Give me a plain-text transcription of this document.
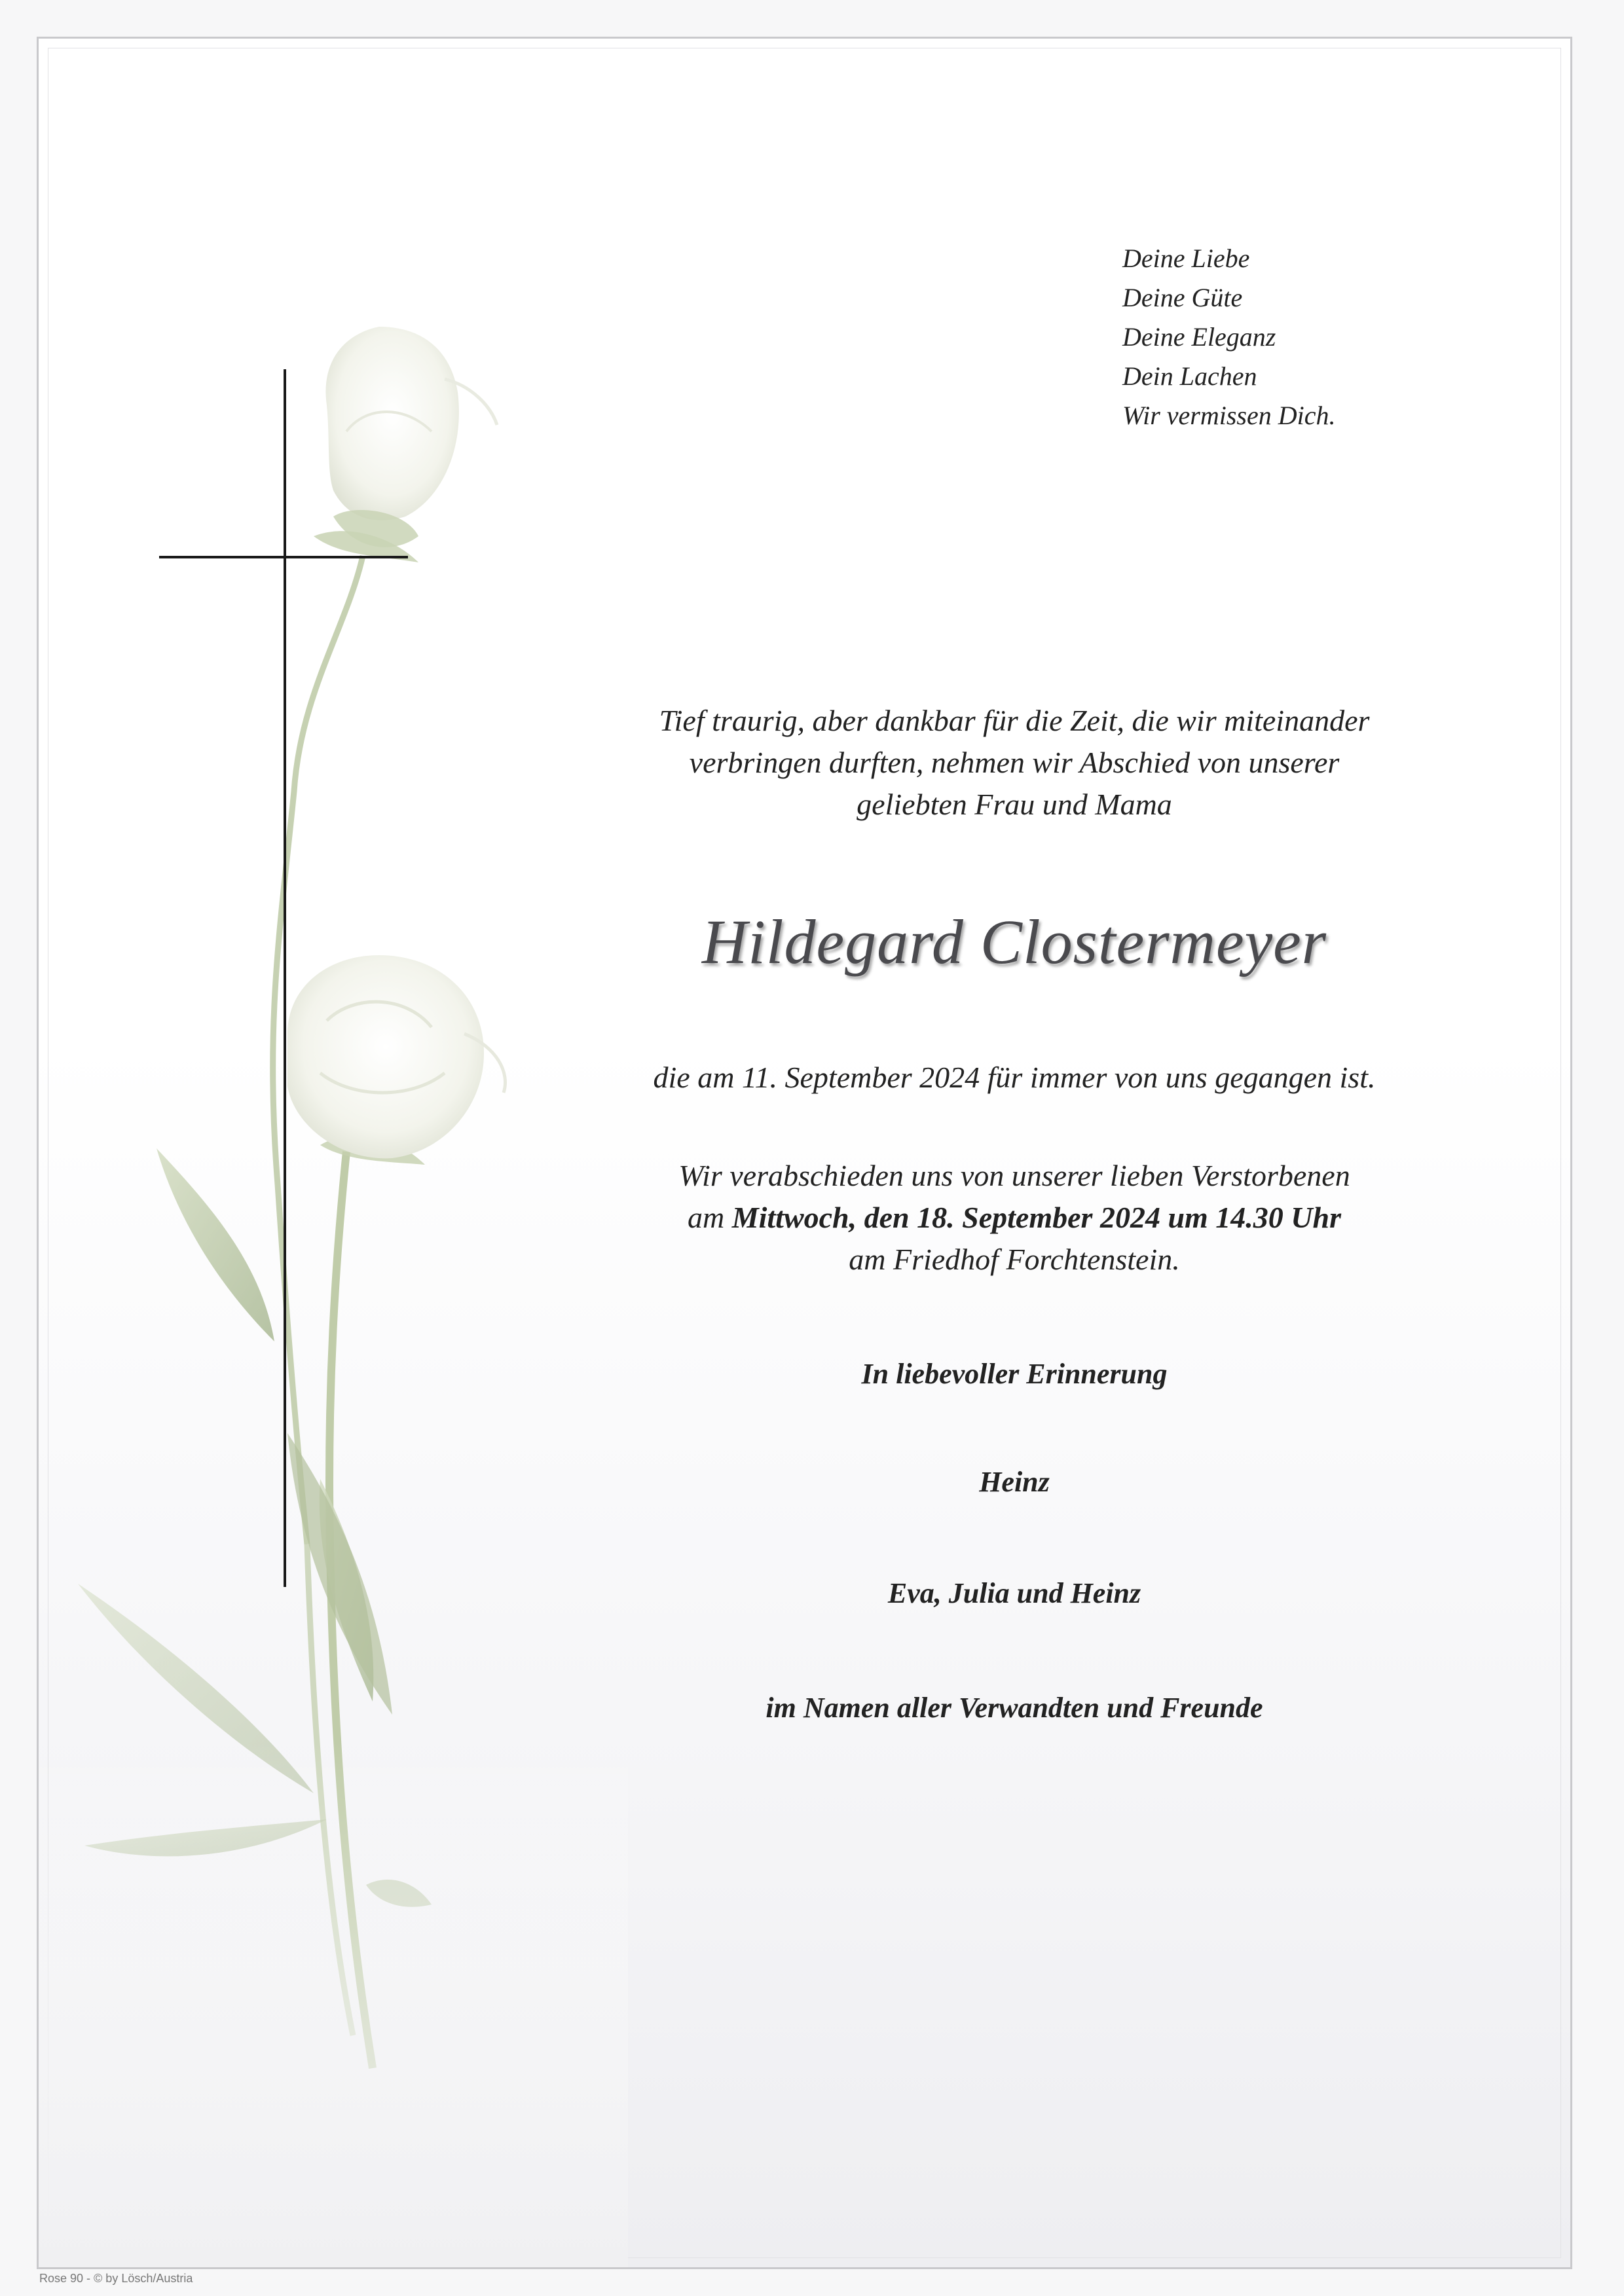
Deine Liebe
Deine Güte
Deine Eleganz
Dein Lachen
Wir vermissen Dich.
Tief traurig, aber dankbar für die Zeit, die wir miteinander
verbringen durften, nehmen wir Abschied von unserer
geliebten Frau und Mama
Hildegard Clostermeyer
die am 11. September 2024 für immer von uns gegangen ist.
Wir verabschieden uns von unserer lieben Verstorbenen
am Mittwoch, den 18. September 2024 um 14.30 Uhr
am Friedhof Forchtenstein.
In liebevoller Erinnerung
Heinz
Eva, Julia und Heinz
im Namen aller Verwandten und Freunde
Rose 90 - © by Lösch/Austria
